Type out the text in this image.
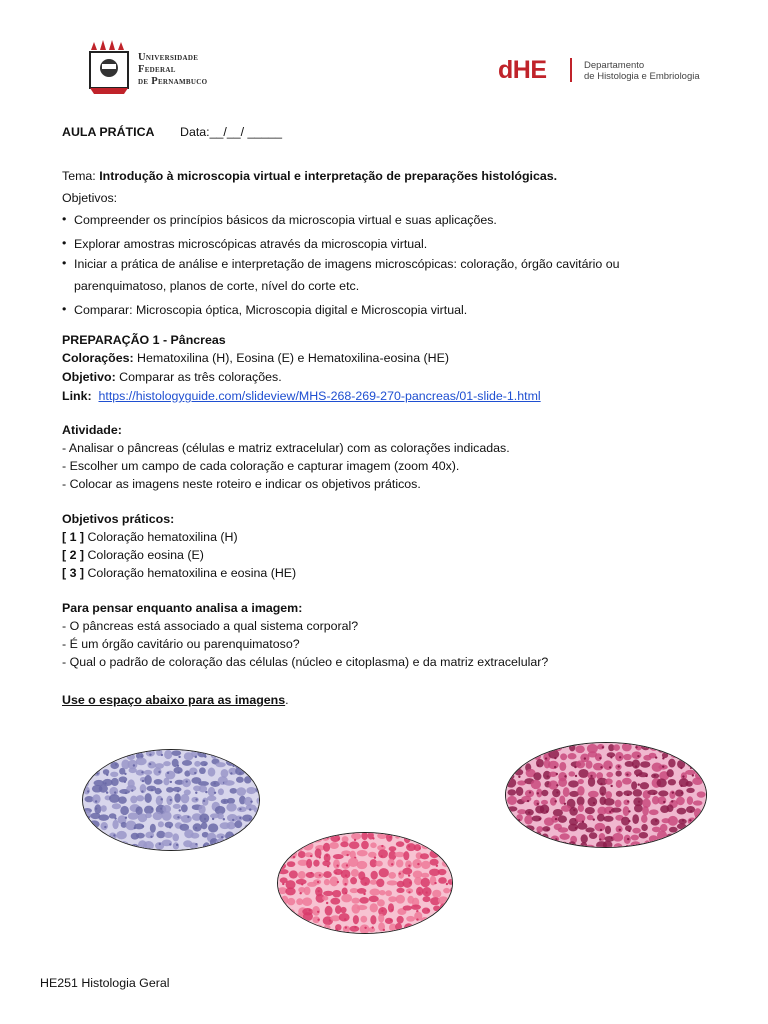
Universidade
Federal
de Pernambuco	dHE	Departamento
de Histologia e Embriologia
AULA PRÁTICA Data:__/__/ _____
Tema: Introdução à microscopia virtual e interpretação de preparações histológicas.
Objetivos:
• Compreender os princípios básicos da microscopia virtual e suas aplicações.
• Explorar amostras microscópicas através da microscopia virtual.
• Iniciar a prática de análise e interpretação de imagens microscópicas: coloração, órgão cavitário ou
parenquimatoso, planos de corte, nível do corte etc.
• Comparar: Microscopia óptica, Microscopia digital e Microscopia virtual.
PREPARAÇÃO 1 - Pâncreas
Colorações: Hematoxilina (H), Eosina (E) e Hematoxilina-eosina (HE)
Objetivo: Comparar as três colorações.
Link: https://histologyguide.com/slideview/MHS-268-269-270-pancreas/01-slide-1.html
Atividade:
- Analisar o pâncreas (células e matriz extracelular) com as colorações indicadas.
- Escolher um campo de cada coloração e capturar imagem (zoom 40x).
- Colocar as imagens neste roteiro e indicar os objetivos práticos.
Objetivos práticos:
[ 1 ] Coloração hematoxilina (H)
[ 2 ] Coloração eosina (E)
[ 3 ] Coloração hematoxilina e eosina (HE)
Para pensar enquanto analisa a imagem:
- O pâncreas está associado a qual sistema corporal?
- É um órgão cavitário ou parenquimatoso?
- Qual o padrão de coloração das células (núcleo e citoplasma) e da matriz extracelular?
Use o espaço abaixo para as imagens.
HE251 Histologia Geral
